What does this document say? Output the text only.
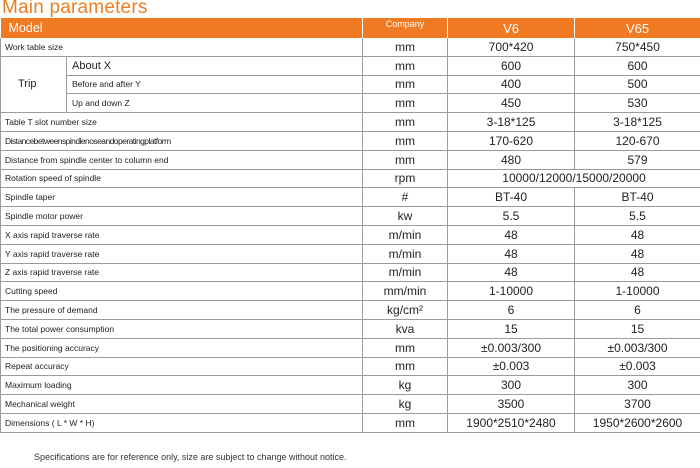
Main parameters
Model		Company	V6	V65
Work table size		mm	700*420	750*450
Trip	About X	mm	600	600
	Before and after Y	mm	400	500
	Up and down Z	mm	450	530
Table T slot number size		mm	3-18*125	3-18*125
Distancebetweenspindlenoseandoperatingplatform		mm	170-620	120-670
Distance from spindle center to column end		mm	480	579
Rotation speed of spindle		rpm	10000/12000/15000/20000	
Spindle taper		#	BT-40	BT-40
Spindle motor power		kw	5.5	5.5
X axis rapid traverse rate		m/min	48	48
Y axis rapid traverse rate		m/min	48	48
Z axis rapid traverse rate		m/min	48	48
Cutting speed		mm/min	1-10000	1-10000
The pressure of demand		kg/cm²	6	6
The total power consumption		kva	15	15
The positioning accuracy		mm	±0.003/300	±0.003/300
Repeat accuracy		mm	±0.003	±0.003
Maximum loading		kg	300	300
Mechanical weight		kg	3500	3700
Dimensions ( L * W * H)		mm	1900*2510*2480	1950*2600*2600
Specifications are for reference only, size are subject to change without notice.
